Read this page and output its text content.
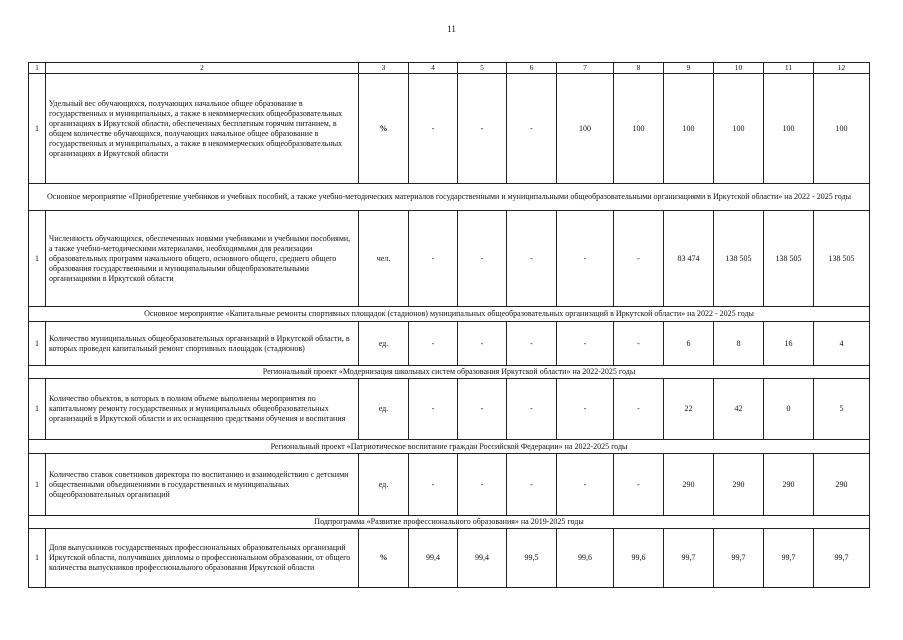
11
1	2	3	4	5	6	7	8	9	10	11	12
1	Удельный вес обучающихся, получающих начальное общее образование в государственных и муниципальных, а также в некоммерческих общеобразовательных организациях в Иркутской области, обеспеченных бесплатным горячим питанием, в общем количестве обучающихся, получающих начальное общее образование в государственных и муниципальных, а также в некоммерческих общеобразовательных организациях в Иркутской области	%	-	-	-	100	100	100	100	100	100
Основное мероприятие «Приобретение учебников и учебных пособий, а также учебно-методических материалов государственными и муниципальными общеобразовательными организациями в Иркутской области» на 2022 - 2025 годы											
1	Численность обучающихся, обеспеченных новыми учебниками и учебными пособиями, а также учебно-методическими материалами, необходимыми для реализации образовательных программ начального общего, основного общего, среднего общего образования государственными и муниципальными общеобразовательными организациями в Иркутской области	чел.	-	-	-	-	-	83 474	138 505	138 505	138 505
Основное мероприятие «Капитальные ремонты спортивных площадок (стадионов) муниципальных общеобразовательных организаций в Иркутской области» на 2022 - 2025 годы											
1	Количество муниципальных общеобразовательных организаций в Иркутской области, в которых проведен капитальный ремонт спортивных площадок (стадионов)	ед.	-	-	-	-	-	6	8	16	4
Региональный проект «Модернизация школьных систем образования Иркутской области» на 2022-2025 годы											
1	Количество объектов, в которых в полном объеме выполнены мероприятия по капитальному ремонту государственных и муниципальных общеобразовательных организаций в Иркутской области и их оснащению средствами обучения и воспитания	ед.	-	-	-	-	-	22	42	0	5
Региональный проект «Патриотическое воспитание граждан Российской Федерации» на 2022-2025 годы											
1	Количество ставок советников директора по воспитанию и взаимодействию с детскими общественными объединениями в государственных и муниципальных общеобразовательных организаций	ед.	-	-	-	-	-	290	290	290	290
Подпрограмма «Развитие профессионального образования» на 2019-2025 годы											
1	Доля выпускников государственных профессиональных образовательных организаций Иркутской области, получивших дипломы о профессиональном образовании, от общего количества выпускников профессионального образования Иркутской области	%	99,4	99,4	99,5	99,6	99,6	99,7	99,7	99,7	99,7
